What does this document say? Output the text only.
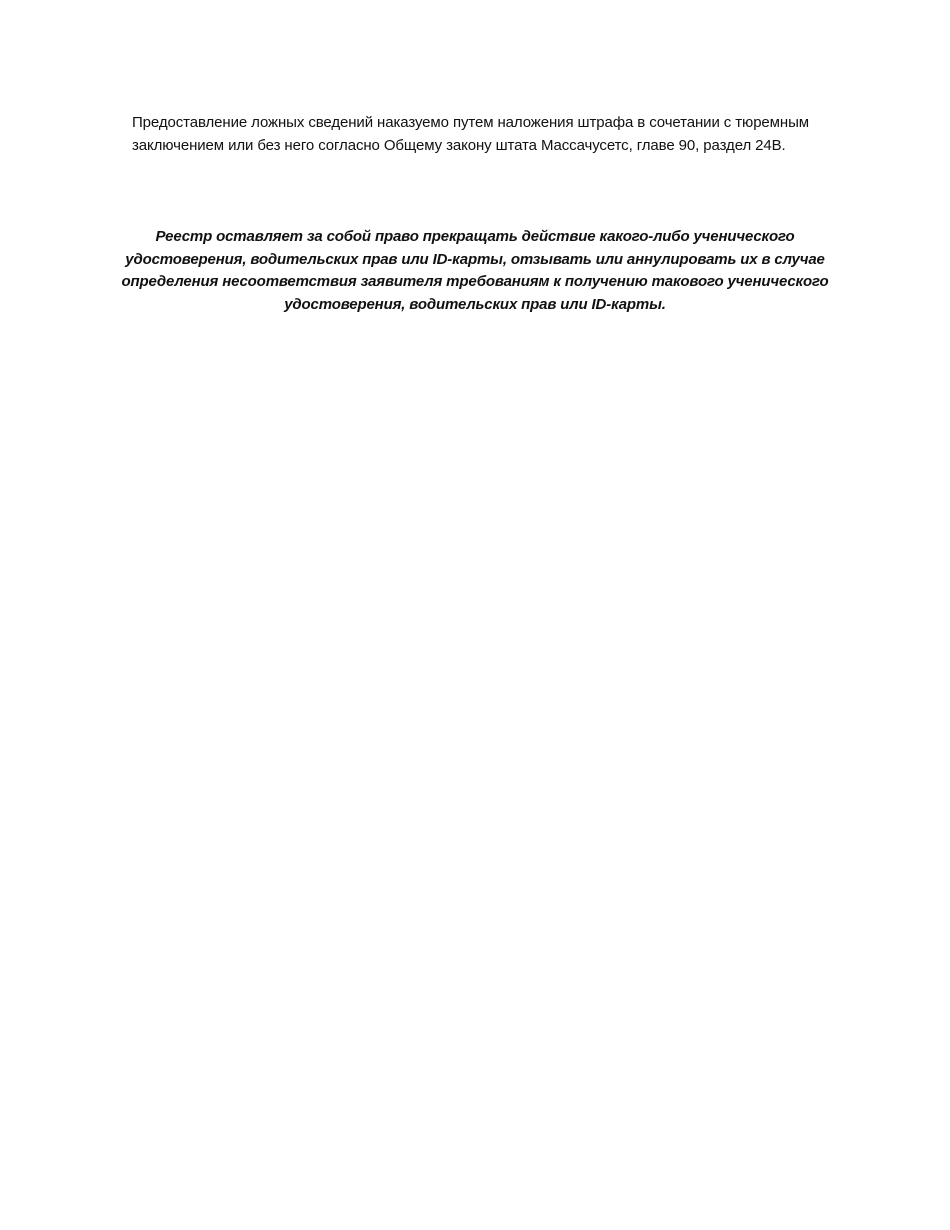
Предоставление ложных сведений наказуемо путем наложения штрафа в сочетании с тюремным заключением или без него согласно Общему закону штата Массачусетс, главе 90, раздел 24В.

Реестр оставляет за собой право прекращать действие какого-либо ученического удостоверения, водительских прав или ID-карты, отзывать или аннулировать их в случае определения несоответствия заявителя требованиям к получению такового ученического удостоверения, водительских прав или ID-карты.
